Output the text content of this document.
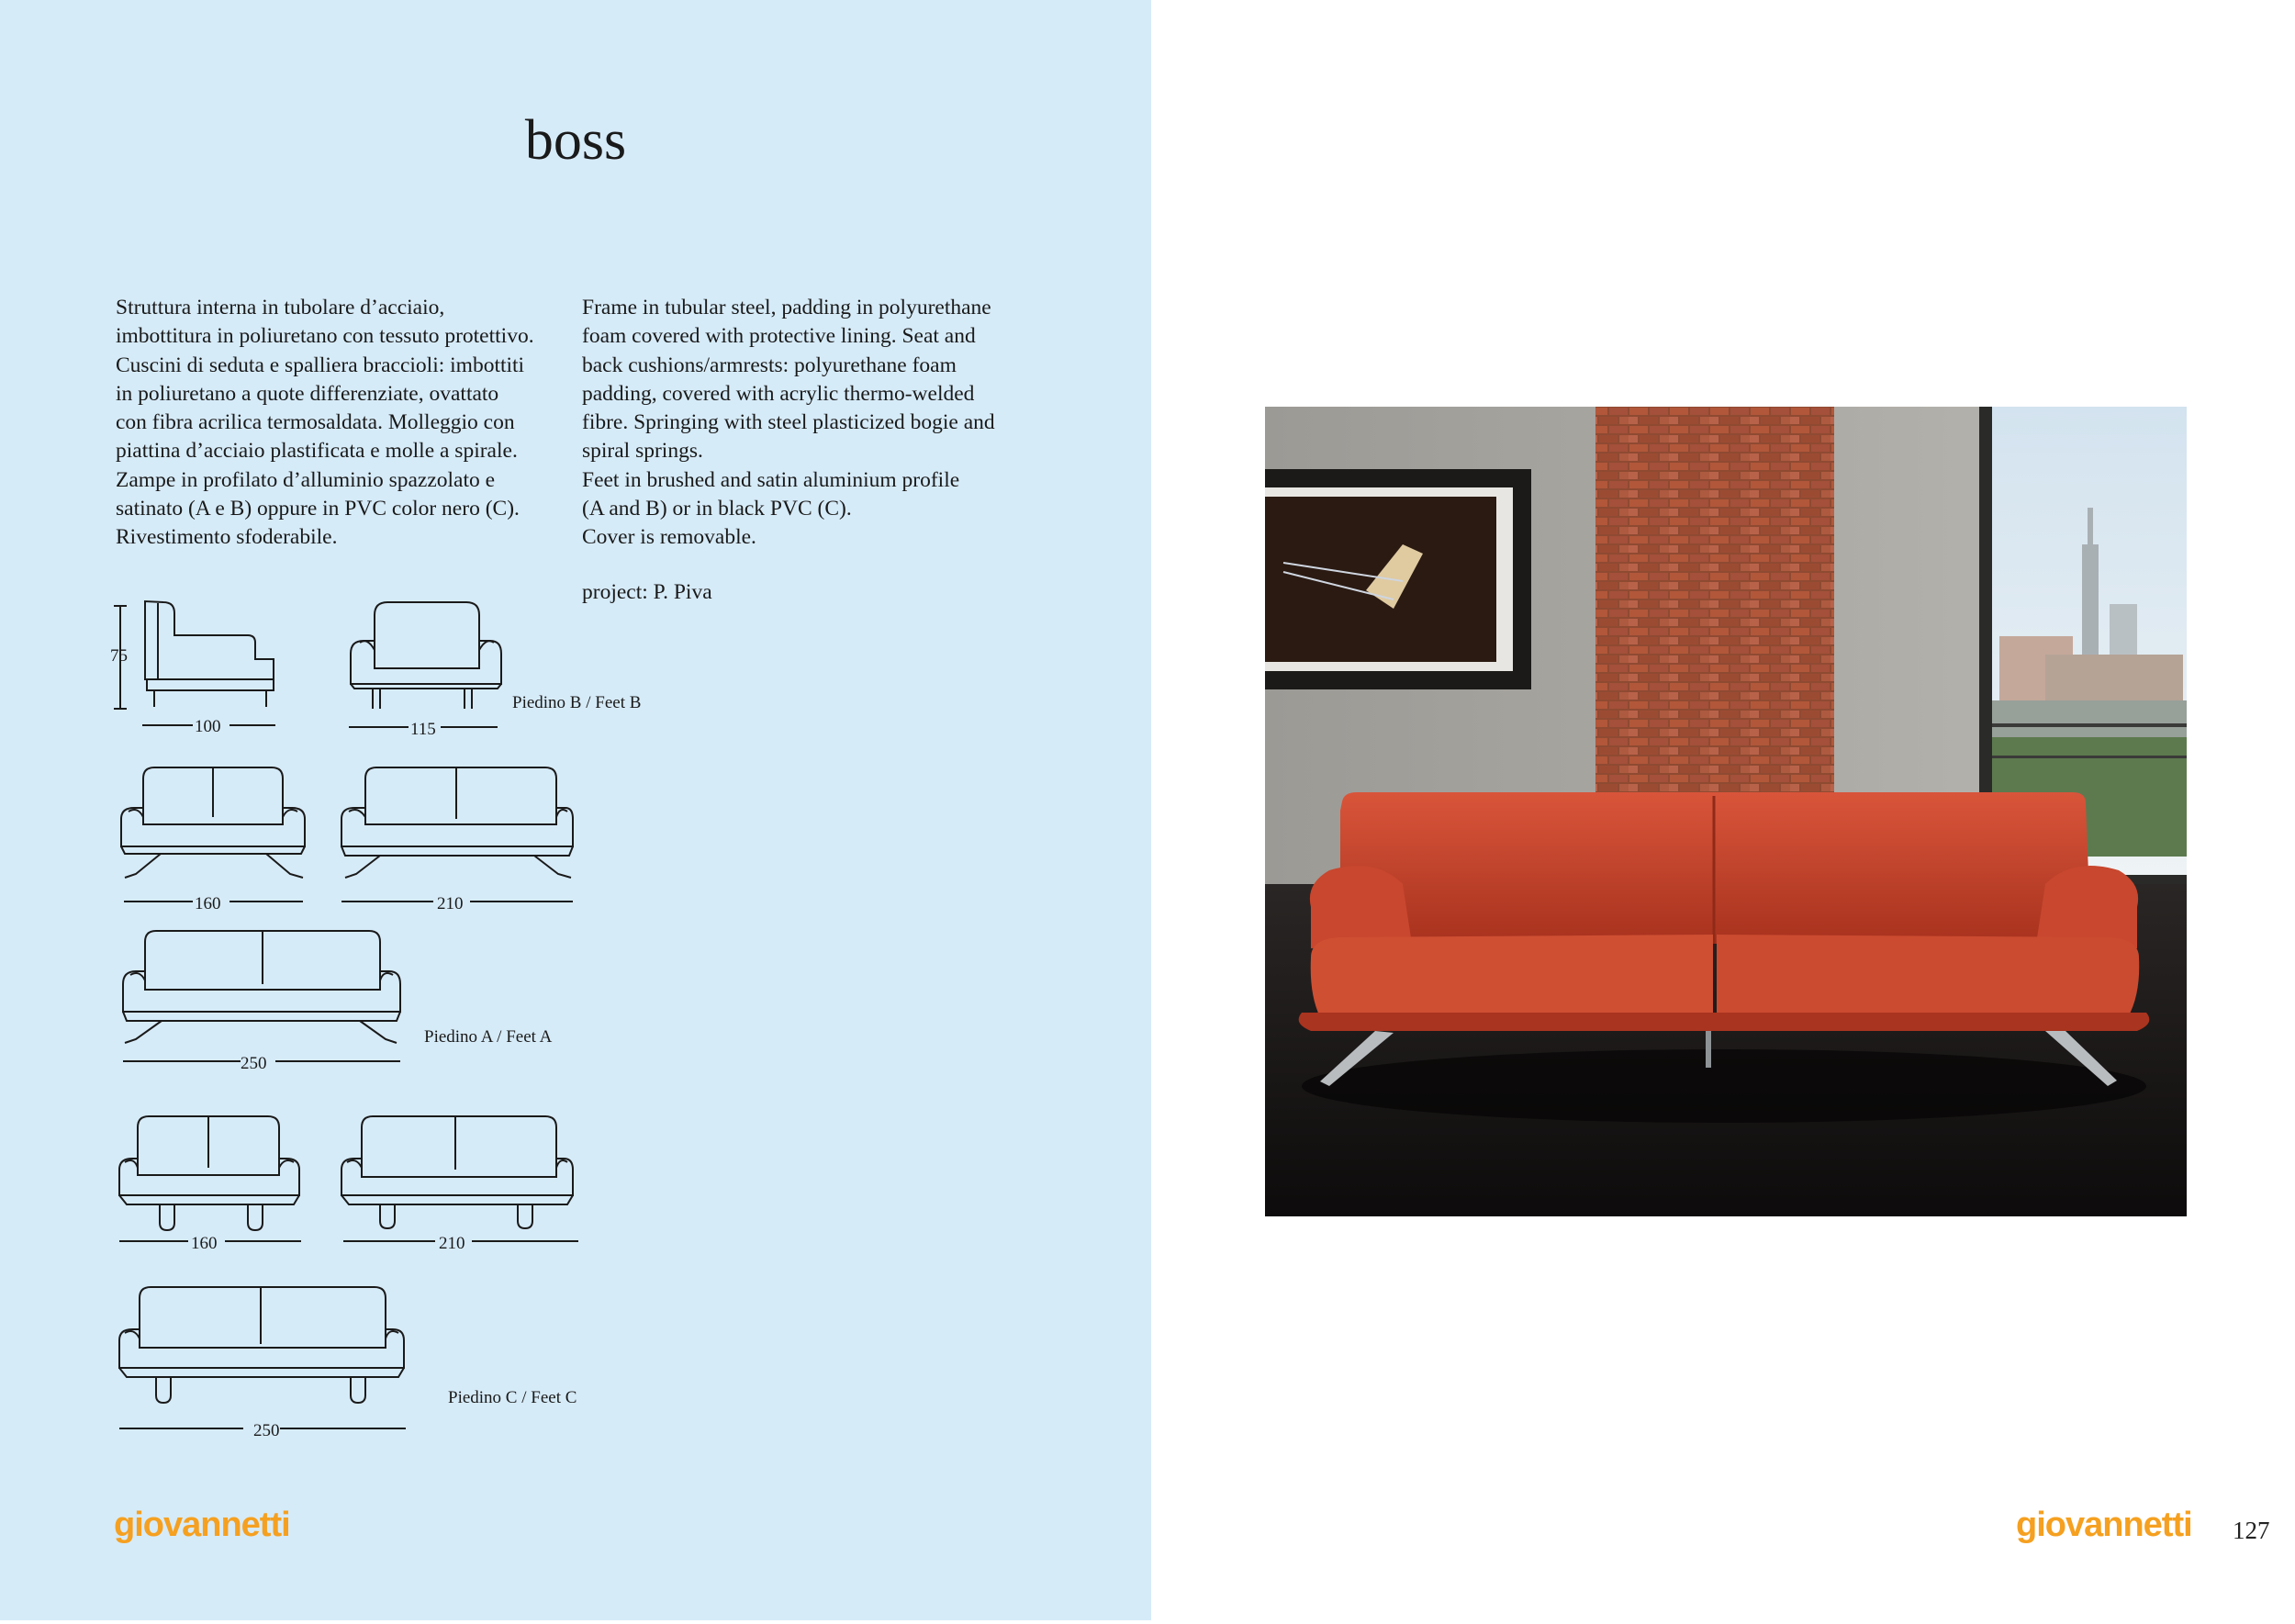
boss

Struttura interna in tubolare d’acciaio,
imbottitura in poliuretano con tessuto protettivo.
Cuscini di seduta e spalliera braccioli: imbottiti
in poliuretano a quote differenziate, ovattato
con fibra acrilica termosaldata. Molleggio con
piattina d’acciaio plastificata e molle a spirale.
Zampe in profilato d’alluminio spazzolato e
satinato (A e B) oppure in PVC color nero (C).
Rivestimento sfoderabile.

Frame in tubular steel, padding in polyurethane
foam covered with protective lining. Seat and
back cushions/armrests: polyurethane foam
padding, covered with acrylic thermo-welded
fibre. Springing with steel plasticized bogie and
spiral springs.
Feet in brushed and satin aluminium profile
(A and B) or in black PVC (C).
Cover is removable.

project: P. Piva

75
100	115
Piedino B / Feet B
160	210
250
Piedino A / Feet A
160	210
250
Piedino C / Feet C
giovannetti	giovannetti 127
